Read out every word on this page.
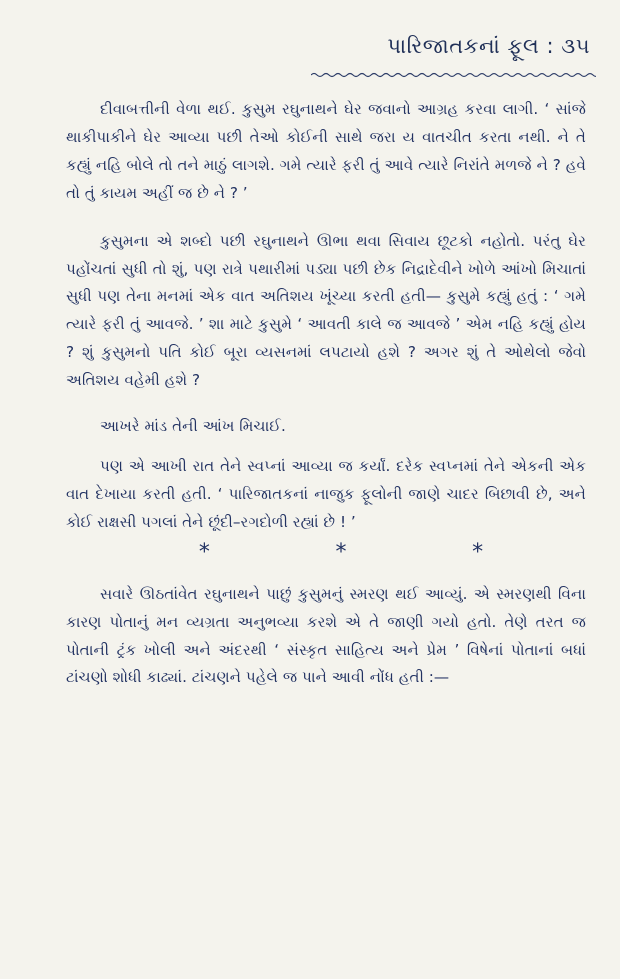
પારિજાતકનાં ફૂલ : ૩૫

દીવાબત્તીની વેળા થઈ. કુસુમ રઘુનાથને ઘેર જવાનો આગ્રહ કરવા લાગી. ‘ સાંજે થાકીપાકીને ઘેર આવ્યા પછી તેઓ કોઈની સાથે જરા ય વાતચીત કરતા નથી. ને તે કહ્યું નહિ બોલે તો તને માઠું લાગશે. ગમે ત્યારે ફરી તું આવે ત્યારે નિરાંતે મળજે ને ? હવે તો તું કાયમ અહીં જ છે ને ? ’

કુસુમના એ શબ્દો પછી રઘુનાથને ઊભા થવા સિવાય છૂટકો નહોતો. પરંતુ ઘેર પહોંચતાં સુધી તો શું, પણ રાત્રે પથારીમાં પડ્યા પછી છેક નિદ્રાદેવીને ખોળે આંખો મિચાતાં સુધી પણ તેના મનમાં એક વાત અતિશય ખૂંચ્યા કરતી હતી— કુસુમે કહ્યું હતું : ‘ ગમે ત્યારે ફરી તું આવજે. ’ શા માટે કુસુમે ‘ આવતી કાલે જ આવજે ’ એમ નહિ કહ્યું હોય ? શું કુસુમનો પતિ કોઈ બૂરા વ્યસનમાં લપટાયો હશે ? અગર શું તે ઓથેલો જેવો અતિશય વહેમી હશે ?

આખરે માંડ તેની આંખ મિચાઈ.

પણ એ આખી રાત તેને સ્વપ્નાં આવ્યા જ કર્યાં. દરેક સ્વપ્નમાં તેને એકની એક વાત દેખાયા કરતી હતી. ‘ પારિજાતકનાં નાજુક ફૂલોની જાણે ચાદર બિછાવી છે, અને કોઈ રાક્ષસી પગલાં તેને છૂંદી–રગદોળી રહ્યાં છે ! ’

*	*	*

સવારે ઊઠતાંવેત રઘુનાથને પાછું કુસુમનું સ્મરણ થઈ આવ્યું. એ સ્મરણથી વિના કારણ પોતાનું મન વ્યગ્રતા અનુભવ્યા કરશે એ તે જાણી ગયો હતો. તેણે તરત જ પોતાની ટ્રંક ખોલી અને અંદરથી ‘ સંસ્કૃત સાહિત્ય અને પ્રેમ ’ વિષેનાં પોતાનાં બધાં ટાંચણો શોધી કાઢ્યાં. ટાંચણને પહેલે જ પાને આવી નોંધ હતી :—
